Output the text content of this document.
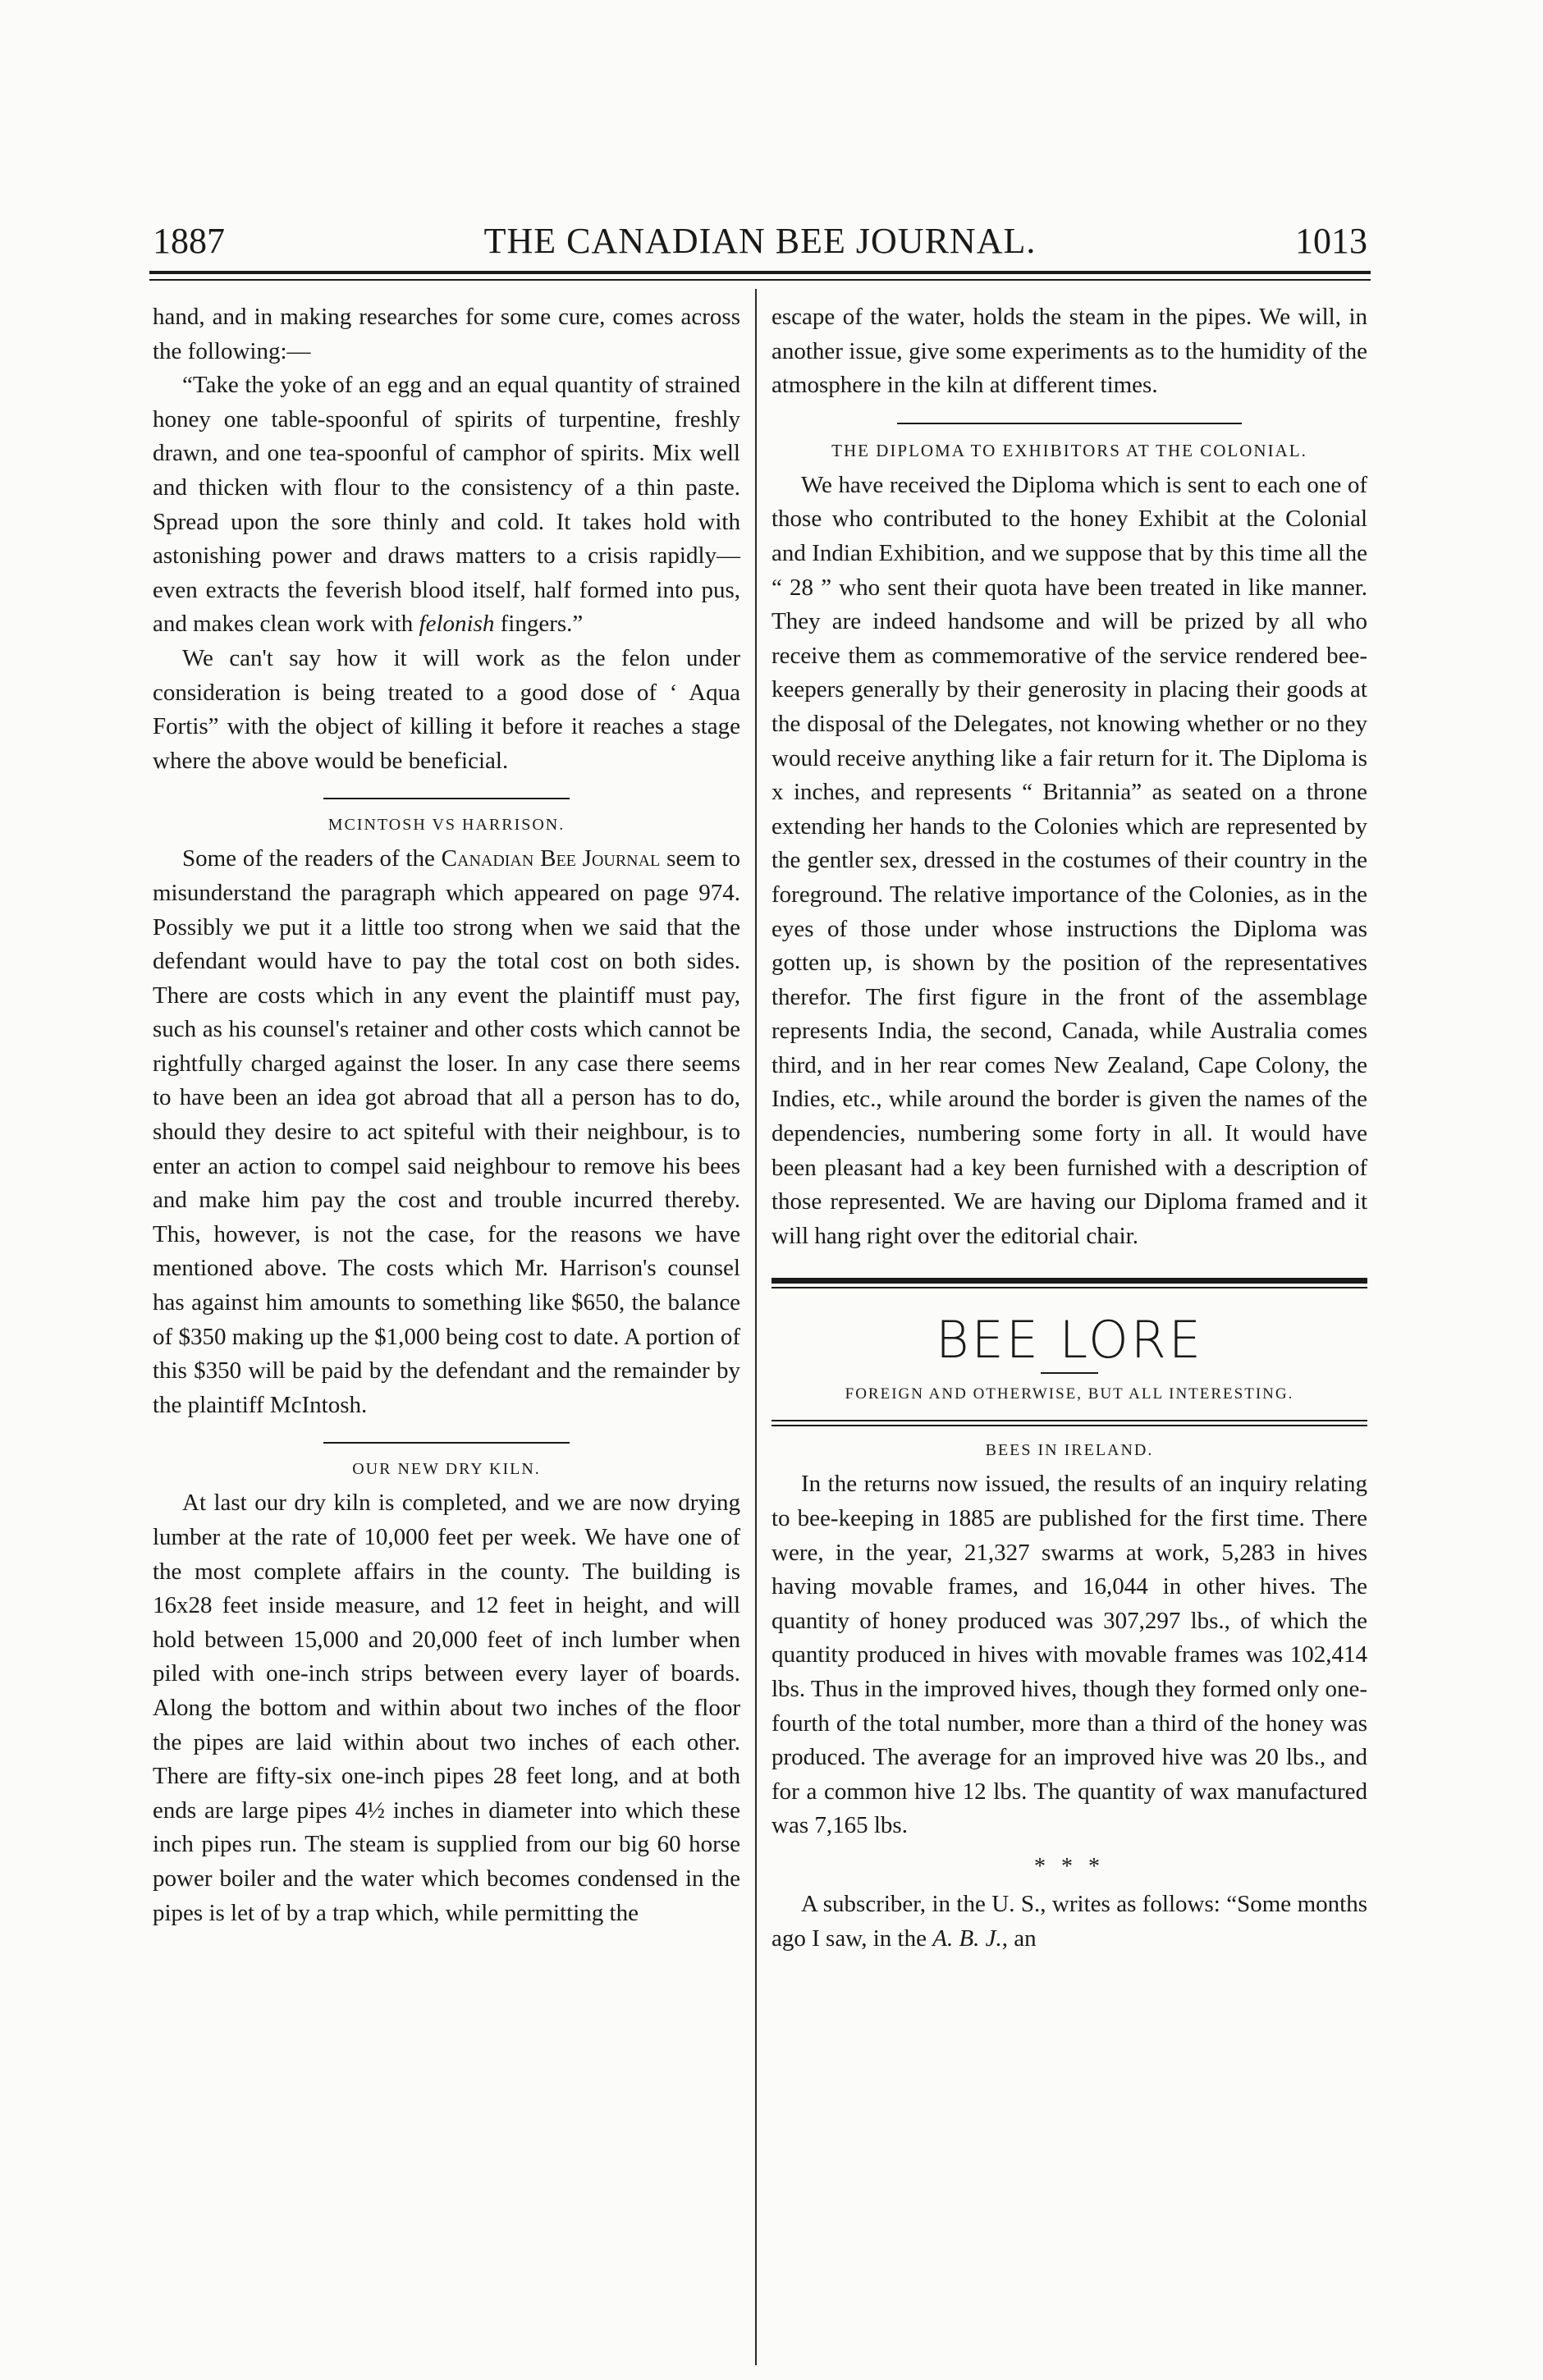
1887	THE CANADIAN BEE JOURNAL.	1013

hand, and in making researches for some cure, comes across the following:—

“Take the yoke of an egg and an equal quantity of strained honey one table-spoonful of spirits of turpentine, freshly drawn, and one tea-spoonful of camphor of spirits. Mix well and thicken with flour to the consistency of a thin paste. Spread upon the sore thinly and cold. It takes hold with astonishing power and draws matters to a crisis rapidly—even extracts the feverish blood itself, half formed into pus, and makes clean work with felonish fingers.”

We can't say how it will work as the felon under consideration is being treated to a good dose of ‘ Aqua Fortis” with the object of killing it before it reaches a stage where the above would be beneficial.

MCINTOSH VS HARRISON.

Some of the readers of the Canadian Bee Journal seem to misunderstand the paragraph which appeared on page 974. Possibly we put it a little too strong when we said that the defendant would have to pay the total cost on both sides. There are costs which in any event the plaintiff must pay, such as his counsel's retainer and other costs which cannot be rightfully charged against the loser. In any case there seems to have been an idea got abroad that all a person has to do, should they desire to act spiteful with their neighbour, is to enter an action to compel said neighbour to remove his bees and make him pay the cost and trouble incurred thereby. This, however, is not the case, for the reasons we have mentioned above. The costs which Mr. Harrison's counsel has against him amounts to something like $650, the balance of $350 making up the $1,000 being cost to date. A portion of this $350 will be paid by the defendant and the remainder by the plaintiff McIntosh.

OUR NEW DRY KILN.

At last our dry kiln is completed, and we are now drying lumber at the rate of 10,000 feet per week. We have one of the most complete affairs in the county. The building is 16x28 feet inside measure, and 12 feet in height, and will hold between 15,000 and 20,000 feet of inch lumber when piled with one-inch strips between every layer of boards. Along the bottom and within about two inches of the floor the pipes are laid within about two inches of each other. There are fifty-six one-inch pipes 28 feet long, and at both ends are large pipes 4½ inches in diameter into which these inch pipes run. The steam is supplied from our big 60 horse power boiler and the water which becomes condensed in the pipes is let of by a trap which, while permitting the

escape of the water, holds the steam in the pipes. We will, in another issue, give some experiments as to the humidity of the atmosphere in the kiln at different times.

THE DIPLOMA TO EXHIBITORS AT THE COLONIAL.

We have received the Diploma which is sent to each one of those who contributed to the honey Exhibit at the Colonial and Indian Exhibition, and we suppose that by this time all the “ 28 ” who sent their quota have been treated in like manner. They are indeed handsome and will be prized by all who receive them as commemorative of the service rendered bee-keepers generally by their generosity in placing their goods at the disposal of the Delegates, not knowing whether or no they would receive anything like a fair return for it. The Diploma is x inches, and represents “ Britannia” as seated on a throne extending her hands to the Colonies which are represented by the gentler sex, dressed in the costumes of their country in the foreground. The relative importance of the Colonies, as in the eyes of those under whose instructions the Diploma was gotten up, is shown by the position of the representatives therefor. The first figure in the front of the assemblage represents India, the second, Canada, while Australia comes third, and in her rear comes New Zealand, Cape Colony, the Indies, etc., while around the border is given the names of the dependencies, numbering some forty in all. It would have been pleasant had a key been furnished with a description of those represented. We are having our Diploma framed and it will hang right over the editorial chair.

BEE LORE
FOREIGN AND OTHERWISE, BUT ALL INTERESTING.
BEES IN IRELAND.

In the returns now issued, the results of an inquiry relating to bee-keeping in 1885 are published for the first time. There were, in the year, 21,327 swarms at work, 5,283 in hives having movable frames, and 16,044 in other hives. The quantity of honey produced was 307,297 lbs., of which the quantity produced in hives with movable frames was 102,414 lbs. Thus in the improved hives, though they formed only one-fourth of the total number, more than a third of the honey was produced. The average for an improved hive was 20 lbs., and for a common hive 12 lbs. The quantity of wax manufactured was 7,165 lbs.

* * *

A subscriber, in the U. S., writes as follows: “Some months ago I saw, in the A. B. J., an
